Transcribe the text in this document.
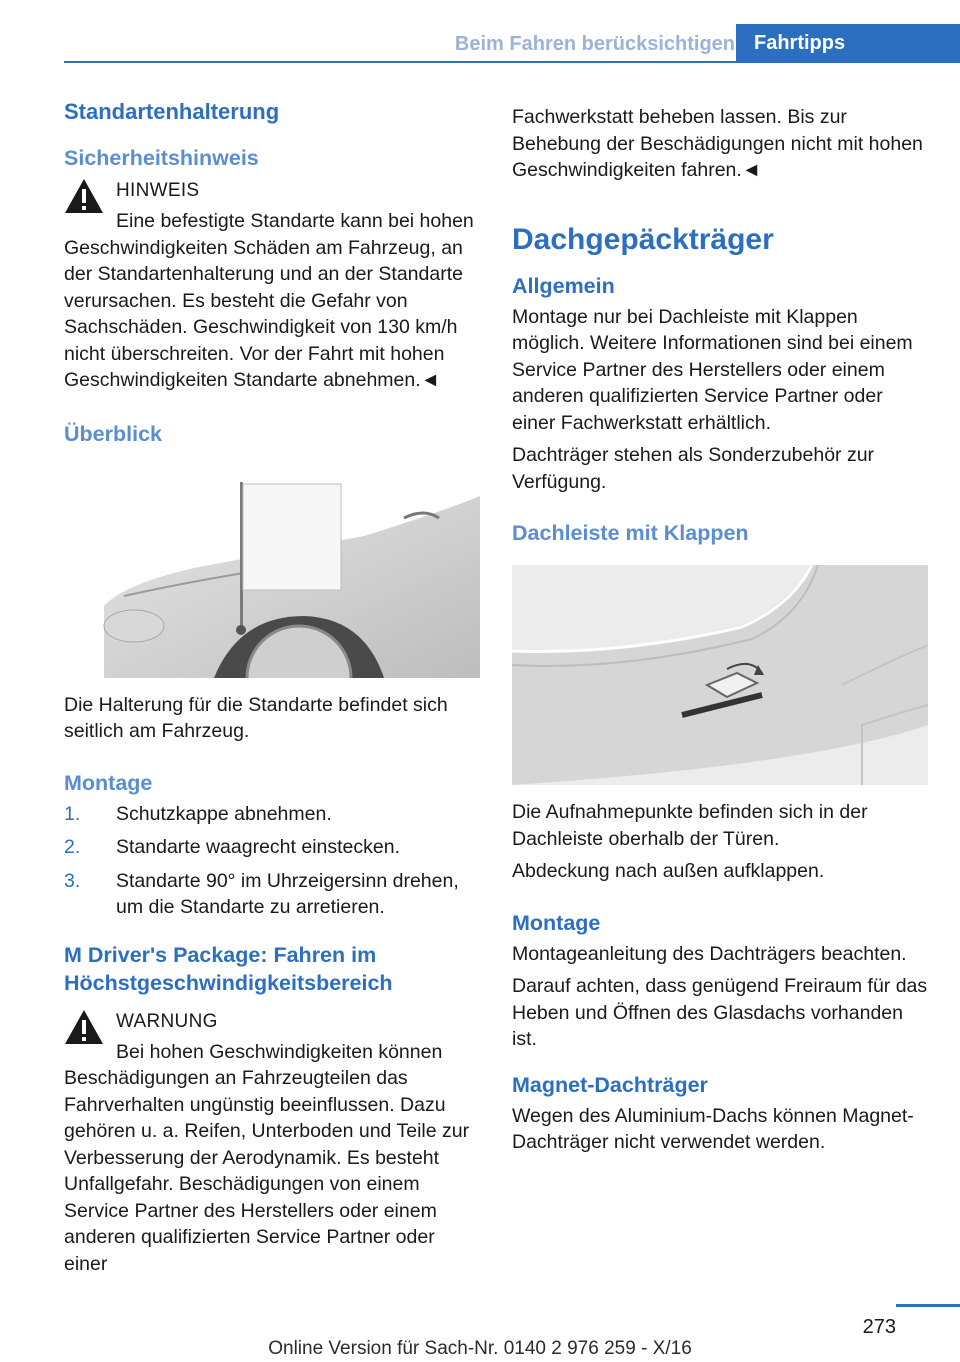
Beim Fahren berücksichtigen Fahrtipps
Standartenhalterung
Sicherheitshinweis
HINWEIS

Eine befestigte Standarte kann bei hohen Geschwindigkeiten Schäden am Fahrzeug, an der Standartenhalterung und an der Standarte verursachen. Es besteht die Gefahr von Sachschäden. Geschwindigkeit von 130 km/h nicht überschreiten. Vor der Fahrt mit hohen Geschwindigkeiten Standarte abnehmen.◄

Überblick

Die Halterung für die Standarte befindet sich seitlich am Fahrzeug.

Montage
1. Schutzkappe abnehmen.
2. Standarte waagrecht einstecken.
3. Standarte 90° im Uhrzeigersinn drehen, um die Standarte zu arretieren.
M Driver's Package: Fahren im Höchstgeschwindigkeitsbereich
WARNUNG

Bei hohen Geschwindigkeiten können Beschädigungen an Fahrzeugteilen das Fahrverhalten ungünstig beeinflussen. Dazu gehören u. a. Reifen, Unterboden und Teile zur Verbesserung der Aerodynamik. Es besteht Unfallgefahr. Beschädigungen von einem Service Partner des Herstellers oder einem anderen qualifizierten Service Partner oder einer

Fachwerkstatt beheben lassen. Bis zur Behebung der Beschädigungen nicht mit hohen Geschwindigkeiten fahren.◄

Dachgepäckträger
Allgemein

Montage nur bei Dachleiste mit Klappen möglich. Weitere Informationen sind bei einem Service Partner des Herstellers oder einem anderen qualifizierten Service Partner oder einer Fachwerkstatt erhältlich.

Dachträger stehen als Sonderzubehör zur Verfügung.

Dachleiste mit Klappen

Die Aufnahmepunkte befinden sich in der Dachleiste oberhalb der Türen.

Abdeckung nach außen aufklappen.

Montage

Montageanleitung des Dachträgers beachten.

Darauf achten, dass genügend Freiraum für das Heben und Öffnen des Glasdachs vorhanden ist.

Magnet-Dachträger

Wegen des Aluminium-Dachs können Magnet-Dachträger nicht verwendet werden.

273
Online Version für Sach-Nr. 0140 2 976 259 - X/16
